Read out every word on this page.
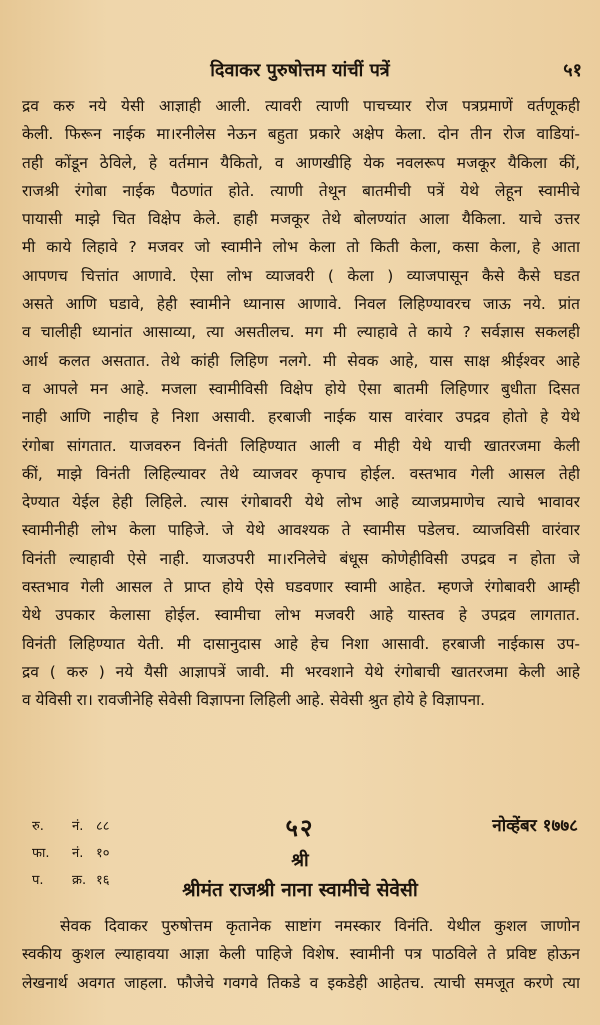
दिवाकर पुरुषोत्तम यांचीं पत्रें	५१
द्रव करु नये येसी आज्ञाही आली. त्यावरी त्याणी पाचच्यार रोज पत्रप्रमाणें वर्तणूकही
केली. फिरून नाईक मा।रनीलेस नेऊन बहुता प्रकारे अक्षेप केला. दोन तीन रोज वाडियां-
तही कोंडून ठेविले, हे वर्तमान यैकितो, व आणखीहि येक नवलरूप मजकूर यैकिला कीं,
राजश्री रंगोबा नाईक पैठणांत होते. त्याणी तेथून बातमीची पत्रें येथे लेहून स्वामीचे
पायासी माझे चित विक्षेप केले. हाही मजकूर तेथे बोलण्यांत आला यैकिला. याचे उत्तर
मी काये लिहावे ? मजवर जो स्वामीने लोभ केला तो किती केला, कसा केला, हे आता
आपणच चित्तांत आणावे. ऐसा लोभ व्याजवरी ( केला ) व्याजपासून कैसे कैसे घडत
असते आणि घडावे, हेही स्वामीने ध्यानास आणावे. निवल लिहिण्यावरच जाऊ नये. प्रांत
व चालीही ध्यानांत आसाव्या, त्या असतीलच. मग मी ल्याहावे ते काये ? सर्वज्ञास सकलही
आर्थ कलत असतात. तेथे कांही लिहिण नलगे. मी सेवक आहे, यास साक्ष श्रीईश्वर आहे
व आपले मन आहे. मजला स्वामीविसी विक्षेप होये ऐसा बातमी लिहिणार बुधीता दिसत
नाही आणि नाहीच हे निशा असावी. हरबाजी नाईक यास वारंवार उपद्रव होतो हे येथे
रंगोबा सांगतात. याजवरुन विनंती लिहिण्यात आली व मीही येथे याची खातरजमा केली
कीं, माझे विनंती लिहिल्यावर तेथे व्याजवर कृपाच होईल. वस्तभाव गेली आसल तेही
देण्यात येईल हेही लिहिले. त्यास रंगोबावरी येथे लोभ आहे व्याजप्रमाणेच त्याचे भावावर
स्वामीनीही लोभ केला पाहिजे. जे येथे आवश्यक ते स्वामीस पडेलच. व्याजविसी वारंवार
विनंती ल्याहावी ऐसे नाही. याजउपरी मा।रनिलेचे बंधूस कोणेहीविसी उपद्रव न होता जे
वस्तभाव गेली आसल ते प्राप्त होये ऐसे घडवणार स्वामी आहेत. म्हणजे रंगोबावरी आम्ही
येथे उपकार केलासा होईल. स्वामीचा लोभ मजवरी आहे यास्तव हे उपद्रव लागतात.
विनंती लिहिण्यात येती. मी दासानुदास आहे हेच निशा आसावी. हरबाजी नाईकास उप-
द्रव ( करु ) नये यैसी आज्ञापत्रें जावी. मी भरवशाने येथे रंगोबाची खातरजमा केली आहे
व येविसी रा। रावजीनेहि सेवेसी विज्ञापना लिहिली आहे. सेवेसी श्रुत होये हे विज्ञापना.
रु.	नं. ८८
फा.	नं. १०
प.	क्र. १६
५२	नोव्हेंबर १७७८
श्री
श्रीमंत राजश्री नाना स्वामीचे सेवेसी
सेवक दिवाकर पुरुषोत्तम कृतानेक साष्टांग नमस्कार विनंति. येथील कुशल जाणोन
स्वकीय कुशल ल्याहावया आज्ञा केली पाहिजे विशेष. स्वामीनी पत्र पाठविले ते प्रविष्ट होऊन
लेखनार्थ अवगत जाहला. फौजेचे गवगवे तिकडे व इकडेही आहेतच. त्याची समजूत करणे त्या
